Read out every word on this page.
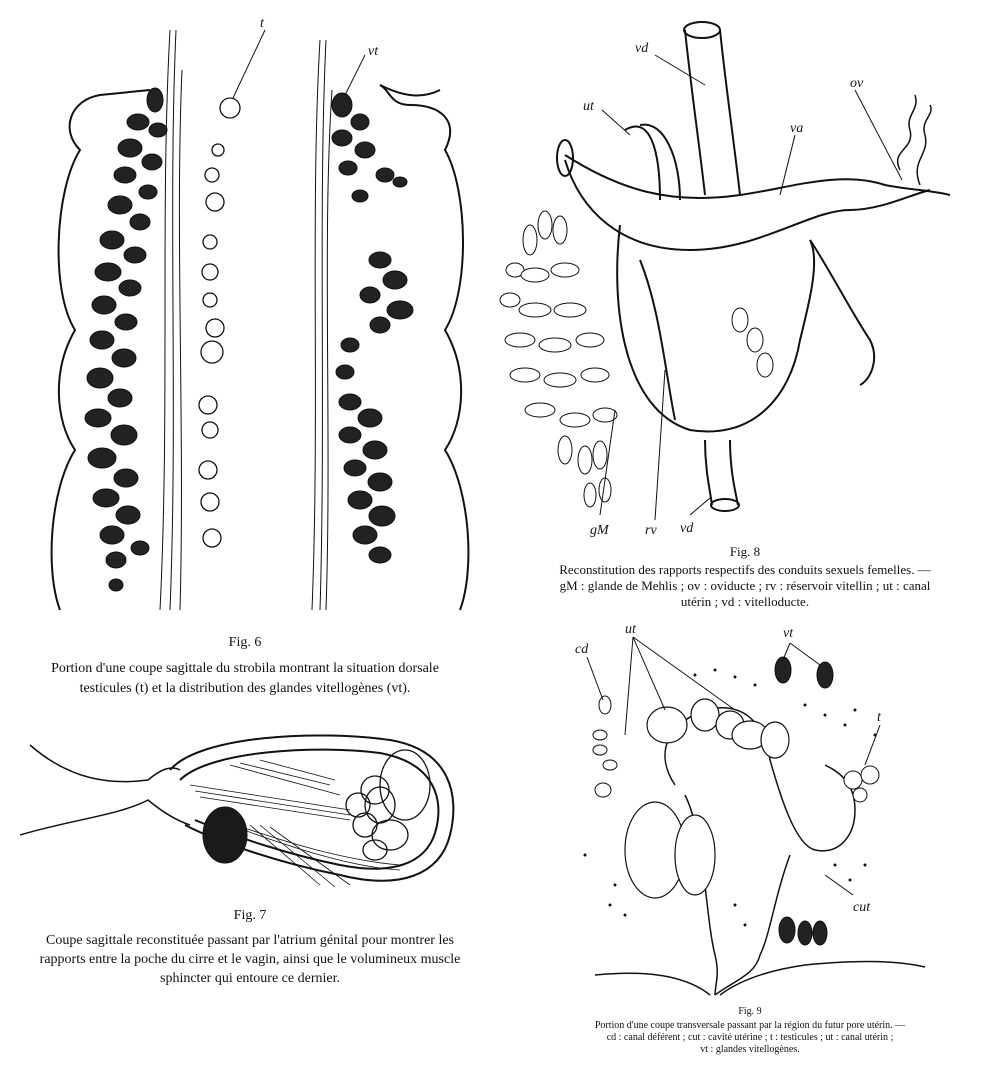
t
vt
Fig. 6
Portion d'une coupe sagittale du strobila montrant la situation dorsale
testicules (t) et la distribution des glandes vitellogènes (vt).
Fig. 7
Coupe sagittale reconstituée passant par l'atrium génital pour montrer les
rapports entre la poche du cirre et le vagin, ainsi que le volumineux muscle
sphincter qui entoure ce dernier.
vd
ut
va
ov
gM	rv vd
Fig. 8
Reconstitution des rapports respectifs des conduits sexuels femelles. —
gM : glande de Mehlis ; ov : oviducte ; rv : réservoir vitellin ; ut : canal
utérin ; vd : vitelloducte.
cd
ut	vt
t
cut
Fig. 9
Portion d'une coupe transversale passant par la région du futur pore utérin. —
cd : canal déférent ; cut : cavité utérine ; t : testicules ; ut : canal utérin ;
vt : glandes vitellogènes.
